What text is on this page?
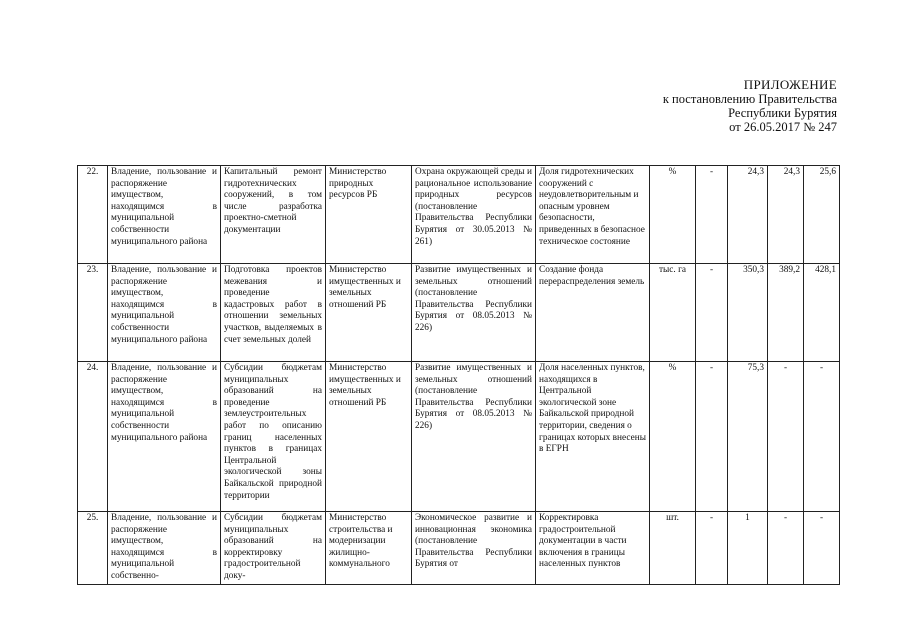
ПРИЛОЖЕНИЕ
к постановлению Правительства
Республики Бурятия
от 26.05.2017 № 247
22.	Владение, пользование и распоряжение имуществом, находящимся в муниципальной собственности муниципального района	Капитальный ремонт гидротехнических сооружений, в том числе разработка проектно-сметной документации	Министерство природных ресурсов РБ	Охрана окружающей среды и рациональное использование природных ресурсов (постановление Правительства Республики Бурятия от 30.05.2013 № 261)	Доля гидротехнических сооружений с неудовлетворительным и опасным уровнем безопасности, приведенных в безопасное техническое состояние	%	-	24,3	24,3	25,6
23.	Владение, пользование и распоряжение имуществом, находящимся в муниципальной собственности муниципального района	Подготовка проектов межевания и проведение кадастровых работ в отношении земельных участков, выделяемых в счет земельных долей	Министерство имущественных и земельных отношений РБ	Развитие имущественных и земельных отношений (постановление Правительства Республики Бурятия от 08.05.2013 № 226)	Создание фонда перераспределения земель	тыс. га	-	350,3	389,2	428,1
24.	Владение, пользование и распоряжение имуществом, находящимся в муниципальной собственности муниципального района	Субсидии бюджетам муниципальных образований на проведение землеустроительных работ по описанию границ населенных пунктов в границах Центральной экологической зоны Байкальской природной территории	Министерство имущественных и земельных отношений РБ	Развитие имущественных и земельных отношений (постановление Правительства Республики Бурятия от 08.05.2013 № 226)	Доля населенных пунктов, находящихся в Центральной экологической зоне Байкальской природной территории, сведения о границах которых внесены в ЕГРН	%	-	75,3	-	-
25.	Владение, пользование и распоряжение имуществом, находящимся в муниципальной собственно-	Субсидии бюджетам муниципальных образований на корректировку градостроительной доку-	Министерство строительства и модернизации жилищно-коммунального	Экономическое развитие и инновационная экономика (постановление Правительства Республики Бурятия от	Корректировка градостроительной документации в части включения в границы населенных пунктов	шт.	-	1	-	-
